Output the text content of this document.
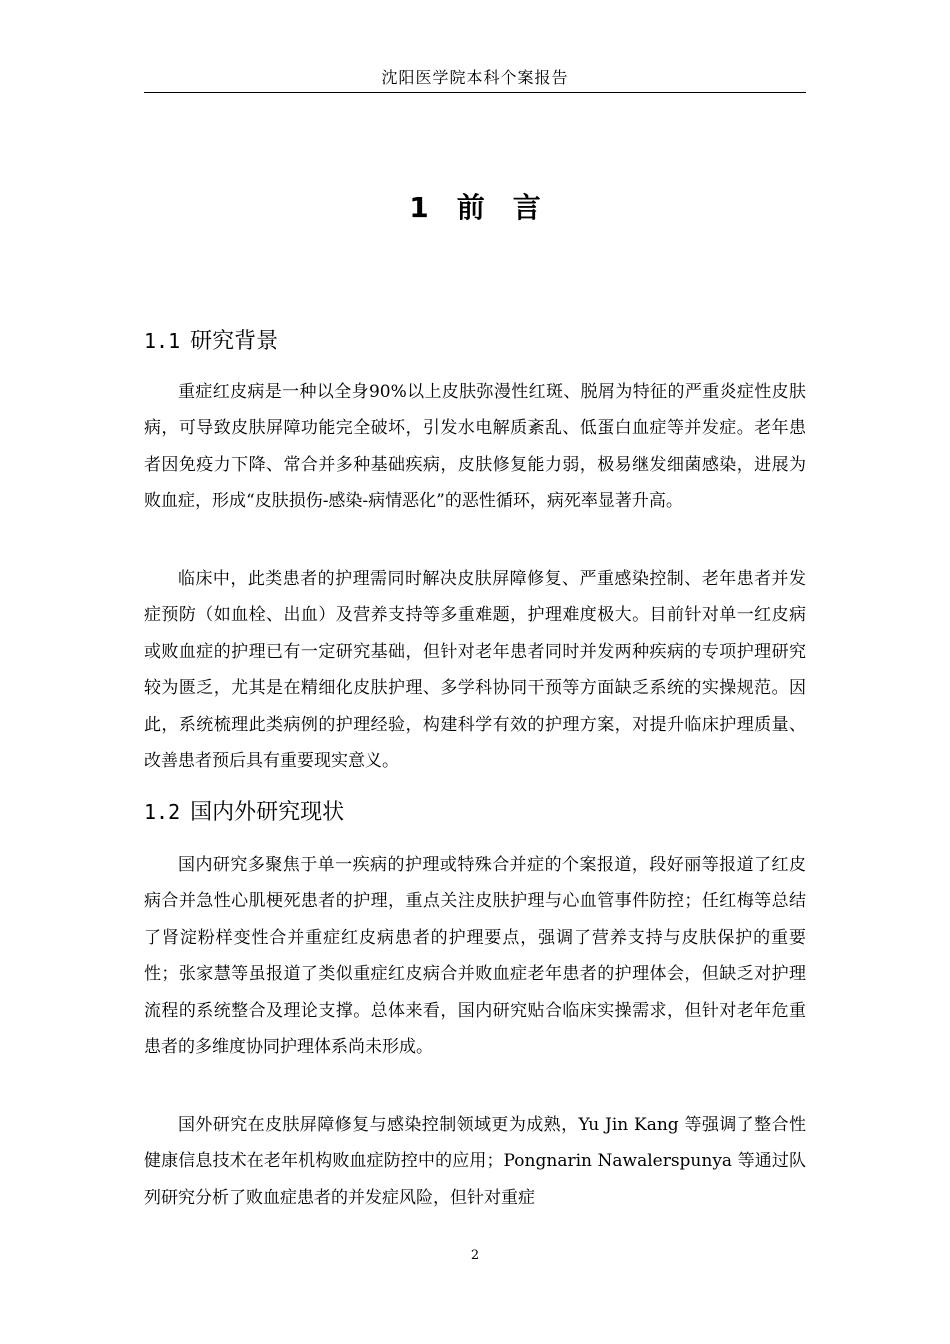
沈阳医学院本科个案报告
1　前　言
1.1 研究背景

重症红皮病是一种以全身90%以上皮肤弥漫性红斑、脱屑为特征的严重炎症性皮肤病，可导致皮肤屏障功能完全破坏，引发水电解质紊乱、低蛋白血症等并发症。老年患者因免疫力下降、常合并多种基础疾病，皮肤修复能力弱，极易继发细菌感染，进展为败血症，形成“皮肤损伤-感染-病情恶化”的恶性循环，病死率显著升高。

临床中，此类患者的护理需同时解决皮肤屏障修复、严重感染控制、老年患者并发症预防（如血栓、出血）及营养支持等多重难题，护理难度极大。目前针对单一红皮病或败血症的护理已有一定研究基础，但针对老年患者同时并发两种疾病的专项护理研究较为匮乏，尤其是在精细化皮肤护理、多学科协同干预等方面缺乏系统的实操规范。因此，系统梳理此类病例的护理经验，构建科学有效的护理方案，对提升临床护理质量、改善患者预后具有重要现实意义。

1.2 国内外研究现状

国内研究多聚焦于单一疾病的护理或特殊合并症的个案报道，段好丽等报道了红皮病合并急性心肌梗死患者的护理，重点关注皮肤护理与心血管事件防控；任红梅等总结了肾淀粉样变性合并重症红皮病患者的护理要点，强调了营养支持与皮肤保护的重要性；张家慧等虽报道了类似重症红皮病合并败血症老年患者的护理体会，但缺乏对护理流程的系统整合及理论支撑。总体来看，国内研究贴合临床实操需求，但针对老年危重患者的多维度协同护理体系尚未形成。

国外研究在皮肤屏障修复与感染控制领域更为成熟，Yu Jin Kang 等强调了整合性健康信息技术在老年机构败血症防控中的应用；Pongnarin Nawalerspunya 等通过队列研究分析了败血症患者的并发症风险，但针对重症

2
